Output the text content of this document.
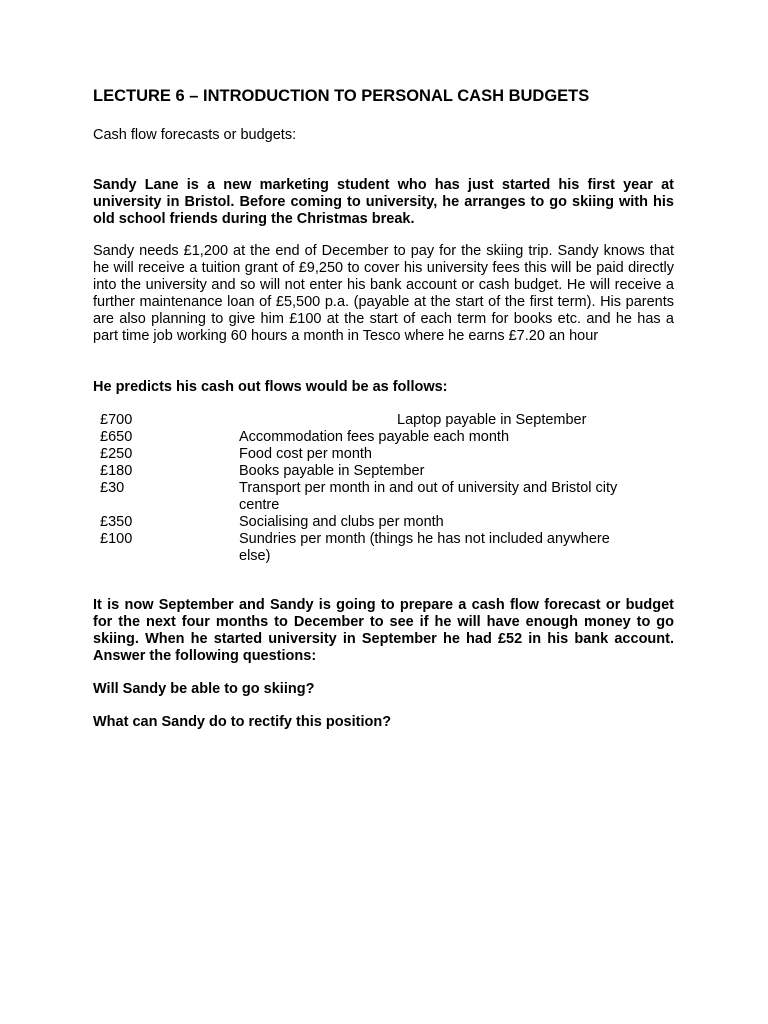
LECTURE 6 – INTRODUCTION TO PERSONAL CASH BUDGETS

Cash flow forecasts or budgets:

Sandy Lane is a new marketing student who has just started his first year at university in Bristol. Before coming to university, he arranges to go skiing with his old school friends during the Christmas break.

Sandy needs £1,200 at the end of December to pay for the skiing trip. Sandy knows that he will receive a tuition grant of £9,250 to cover his university fees this will be paid directly into the university and so will not enter his bank account or cash budget. He will receive a further maintenance loan of £5,500 p.a. (payable at the start of the first term). His parents are also planning to give him £100 at the start of each term for books etc. and he has a part time job working 60 hours a month in Tesco where he earns £7.20 an hour

He predicts his cash out flows would be as follows:

£700	Laptop payable in September
£650	Accommodation fees payable each month
£250	Food cost per month
£180	Books payable in September
£30	Transport per month in and out of university and Bristol city centre
£350	Socialising and clubs per month
£100	Sundries per month (things he has not included anywhere else)

It is now September and Sandy is going to prepare a cash flow forecast or budget for the next four months to December to see if he will have enough money to go skiing. When he started university in September he had £52 in his bank account. Answer the following questions:

Will Sandy be able to go skiing?

What can Sandy do to rectify this position?
